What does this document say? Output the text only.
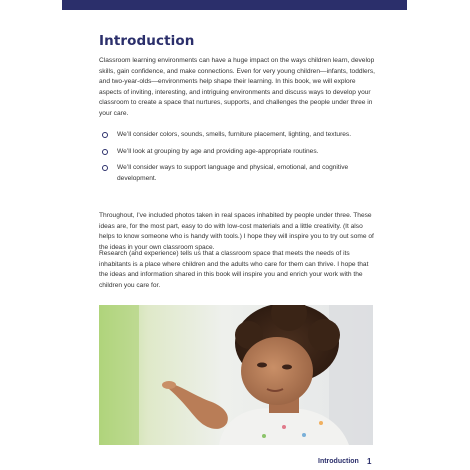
Introduction

Classroom learning environments can have a huge impact on the ways children learn, develop skills, gain confidence, and make connections. Even for very young children—infants, toddlers, and two-year-olds—environments help shape their learning. In this book, we will explore aspects of inviting, interesting, and intriguing environments and discuss ways to develop your classroom to create a space that nurtures, supports, and challenges the people under three in your care.

We’ll consider colors, sounds, smells, furniture placement, lighting, and textures.
We’ll look at grouping by age and providing age-appropriate routines.
We’ll consider ways to support language and physical, emotional, and cognitive development.

Throughout, I’ve included photos taken in real spaces inhabited by people under three. These ideas are, for the most part, easy to do with low-cost materials and a little creativity. (It also helps to know someone who is handy with tools.) I hope they will inspire you to try out some of the ideas in your own classroom space.

Research (and experience) tells us that a classroom space that meets the needs of its inhabitants is a place where children and the adults who care for them can thrive. I hope that the ideas and information shared in this book will inspire you and enrich your work with the children you care for.

Introduction 1
